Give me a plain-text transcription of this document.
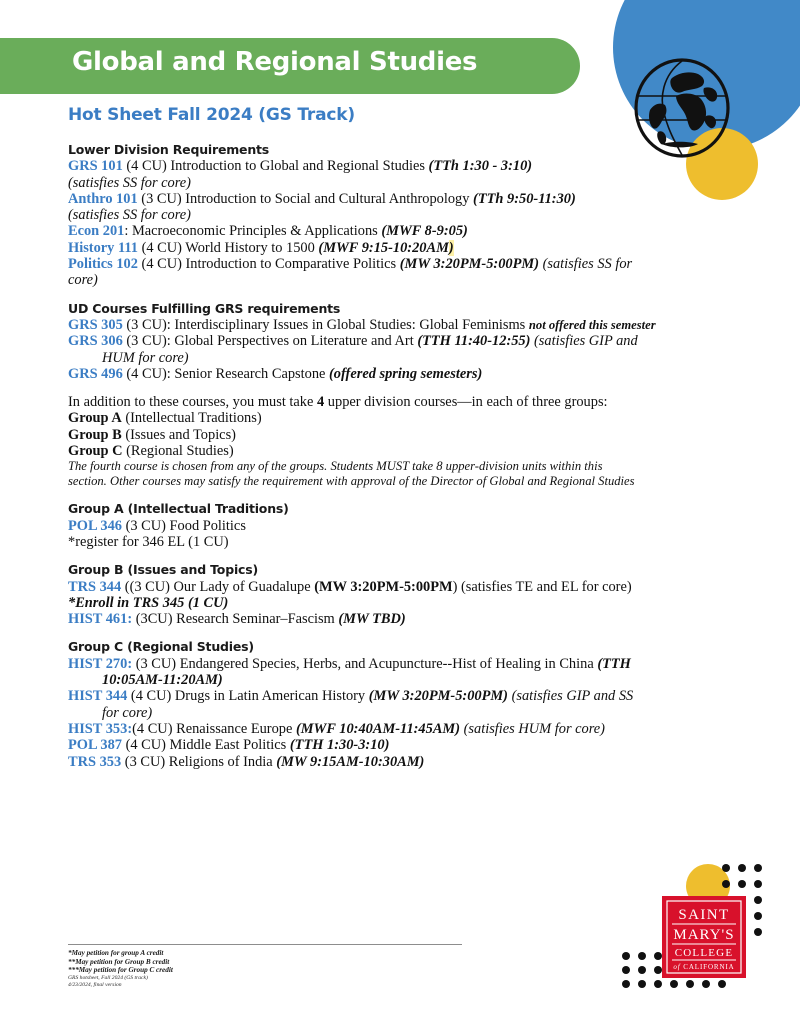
Global and Regional Studies
Hot Sheet Fall 2024 (GS Track)
Lower Division Requirements
GRS 101 (4 CU) Introduction to Global and Regional Studies (TTh 1:30 - 3:10)
(satisfies SS for core)
Anthro 101 (3 CU) Introduction to Social and Cultural Anthropology (TTh 9:50-11:30)
(satisfies SS for core)
Econ 201: Macroeconomic Principles & Applications (MWF 8-9:05)
History 111 (4 CU) World History to 1500 (MWF 9:15-10:20AM)
Politics 102 (4 CU) Introduction to Comparative Politics (MW 3:20PM-5:00PM) (satisfies SS for
core)
UD Courses Fulfilling GRS requirements
GRS 305 (3 CU): Interdisciplinary Issues in Global Studies: Global Feminisms not offered this semester
GRS 306 (3 CU): Global Perspectives on Literature and Art (TTH 11:40-12:55) (satisfies GIP and
HUM for core)
GRS 496 (4 CU): Senior Research Capstone (offered spring semesters)
In addition to these courses, you must take 4 upper division courses—in each of three groups:
Group A (Intellectual Traditions)
Group B (Issues and Topics)
Group C (Regional Studies)
The fourth course is chosen from any of the groups. Students MUST take 8 upper-division units within this
section. Other courses may satisfy the requirement with approval of the Director of Global and Regional Studies
Group A (Intellectual Traditions)
POL 346 (3 CU) Food Politics
*register for 346 EL (1 CU)
Group B (Issues and Topics)
TRS 344 ((3 CU) Our Lady of Guadalupe (MW 3:20PM-5:00PM) (satisfies TE and EL for core)
*Enroll in TRS 345 (1 CU)
HIST 461: (3CU) Research Seminar–Fascism (MW TBD)
Group C (Regional Studies)
HIST 270: (3 CU) Endangered Species, Herbs, and Acupuncture--Hist of Healing in China (TTH
10:05AM-11:20AM)
HIST 344 (4 CU) Drugs in Latin American History (MW 3:20PM-5:00PM) (satisfies GIP and SS
for core)
HIST 353:(4 CU) Renaissance Europe (MWF 10:40AM-11:45AM) (satisfies HUM for core)
POL 387 (4 CU) Middle East Politics (TTH 1:30-3:10)
TRS 353 (3 CU) Religions of India (MW 9:15AM-10:30AM)
*May petition for group A credit
**May petition for Group B credit
***May petition for Group C credit
GRS hotsheet, Fall 2024 (GS track)
4/23/2024, final version
SAINT
MARY'S
COLLEGE
of CALIFORNIA
